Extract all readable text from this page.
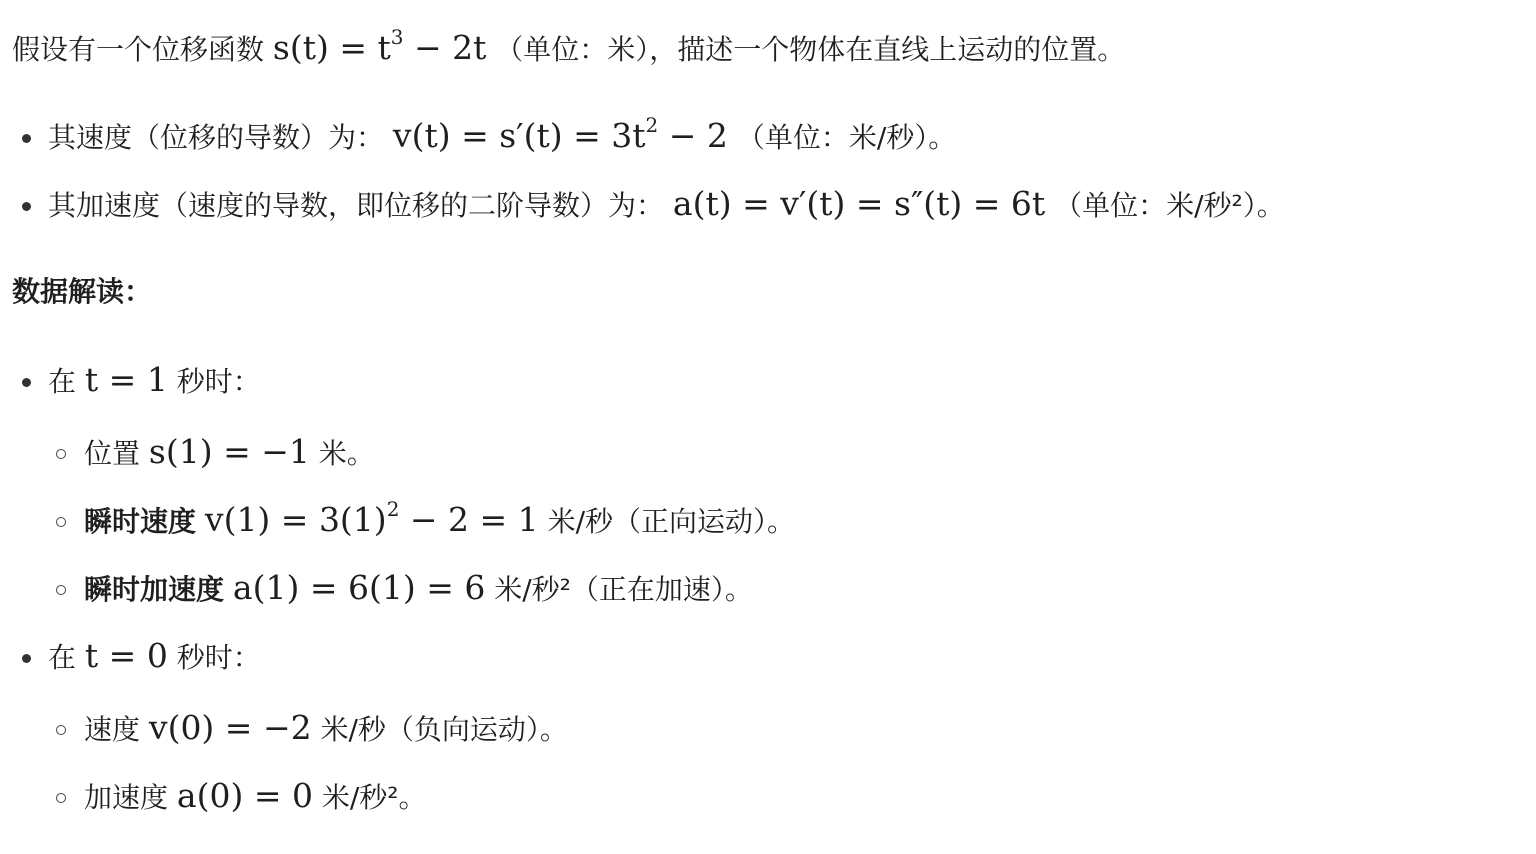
假设有一个位移函数 $s(t) = t^3 - 2t$ （单位：米），描述一个物体在直线上运动的位置。
其速度（位移的导数）为： $v(t) = s'(t) = 3t^2 - 2$ （单位：米/秒）。
其加速度（速度的导数，即位移的二阶导数）为： a(t) = v′(t) = s″(t) = 6t （单位：米/秒²）。
数据解读：
在 t = 1 秒时：
位置 s(1) = −1 米。
瞬时速度 $v(1) = 3(1)^2 - 2 = 1$ 米/秒（正向运动）。
瞬时加速度 a(1) = 6(1) = 6 米/秒²（正在加速）。
在 t = 0 秒时：
速度 v(0) = −2 米/秒（负向运动）。
加速度 a(0) = 0 米/秒²。
